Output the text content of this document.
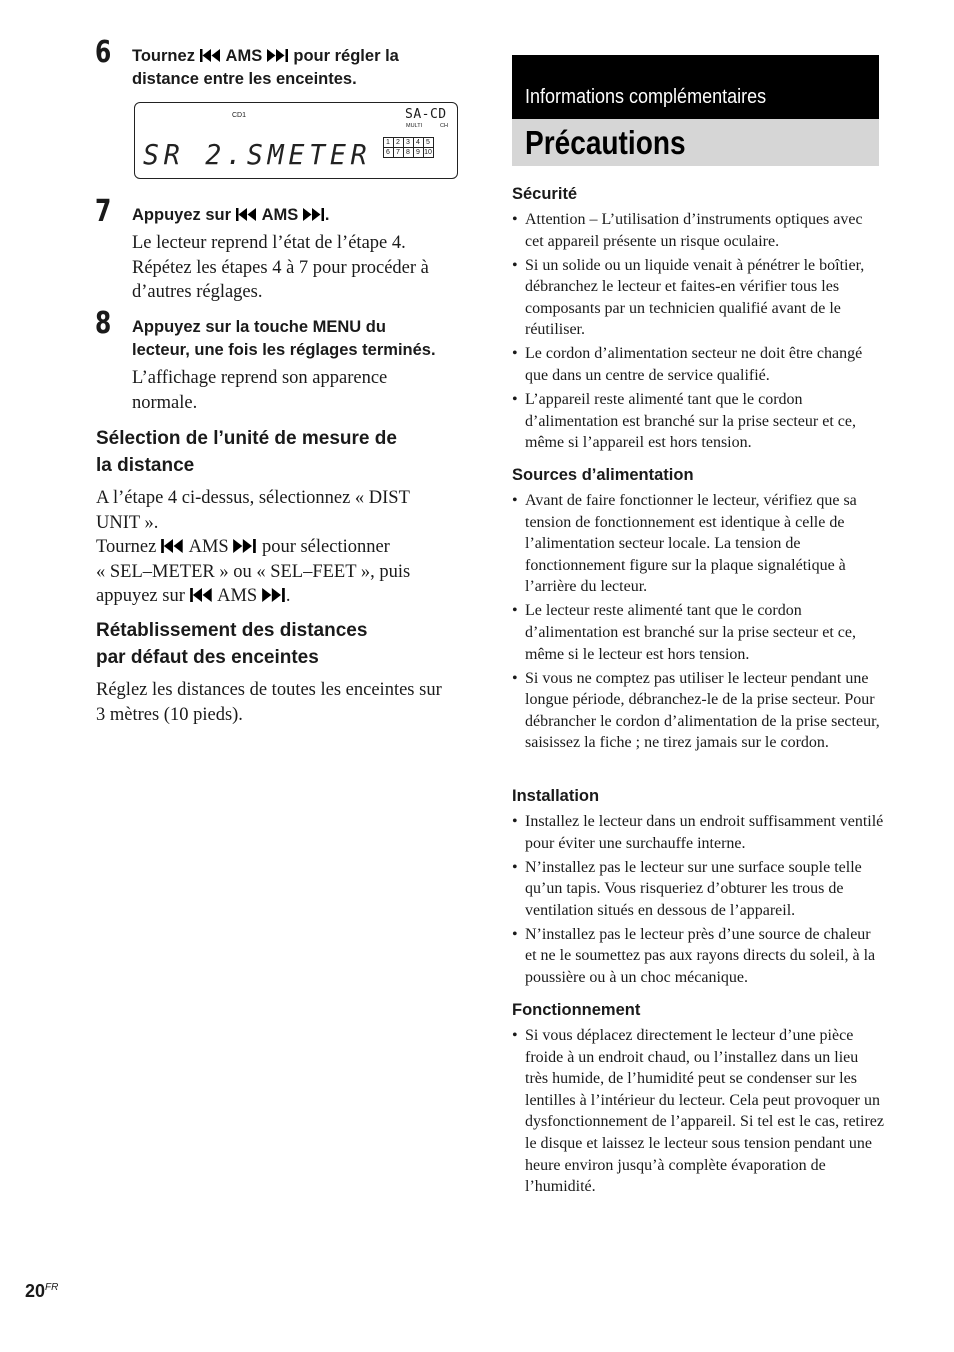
6 Tournez AMS pour régler la
distance entre les enceintes.
CD1	SA-CD
MULTI	CH
SR 2.SMETER	1 2 3 4 5
6 7 8 9 10
7 Appuyez sur AMS .
Le lecteur reprend l’état de l’étape 4.
Répétez les étapes 4 à 7 pour procéder à
d’autres réglages.
8 Appuyez sur la touche MENU du
lecteur, une fois les réglages terminés.
L’affichage reprend son apparence
normale.
Sélection de l’unité de mesure de
la distance
A l’étape 4 ci-dessus, sélectionnez « DIST
UNIT ».
Tournez AMS pour sélectionner
« SEL–METER » ou « SEL–FEET », puis
appuyez sur AMS .
Rétablissement des distances
par défaut des enceintes
Réglez les distances de toutes les enceintes sur
3 mètres (10 pieds).
Informations complémentaires
Précautions
Sécurité
• Attention – L’utilisation d’instruments optiques avec cet appareil présente un risque oculaire.
• Si un solide ou un liquide venait à pénétrer le boîtier, débranchez le lecteur et faites-en vérifier tous les composants par un technicien qualifié avant de le réutiliser.
• Le cordon d’alimentation secteur ne doit être changé que dans un centre de service qualifié.
• L’appareil reste alimenté tant que le cordon d’alimentation est branché sur la prise secteur et ce, même si l’appareil est hors tension.
Sources d’alimentation
• Avant de faire fonctionner le lecteur, vérifiez que sa tension de fonctionnement est identique à celle de l’alimentation secteur locale. La tension de fonctionnement figure sur la plaque signalétique à l’arrière du lecteur.
• Le lecteur reste alimenté tant que le cordon d’alimentation est branché sur la prise secteur et ce, même si le lecteur est hors tension.
• Si vous ne comptez pas utiliser le lecteur pendant une longue période, débranchez-le de la prise secteur. Pour débrancher le cordon d’alimentation de la prise secteur, saisissez la fiche ; ne tirez jamais sur le cordon.
Installation
• Installez le lecteur dans un endroit suffisamment ventilé pour éviter une surchauffe interne.
• N’installez pas le lecteur sur une surface souple telle qu’un tapis. Vous risqueriez d’obturer les trous de ventilation situés en dessous de l’appareil.
• N’installez pas le lecteur près d’une source de chaleur et ne le soumettez pas aux rayons directs du soleil, à la poussière ou à un choc mécanique.
Fonctionnement
• Si vous déplacez directement le lecteur d’une pièce froide à un endroit chaud, ou l’installez dans un lieu très humide, de l’humidité peut se condenser sur les lentilles à l’intérieur du lecteur. Cela peut provoquer un dysfonctionnement de l’appareil. Si tel est le cas, retirez le disque et laissez le lecteur sous tension pendant une heure environ jusqu’à complète évaporation de l’humidité.
$20^{FR}$
